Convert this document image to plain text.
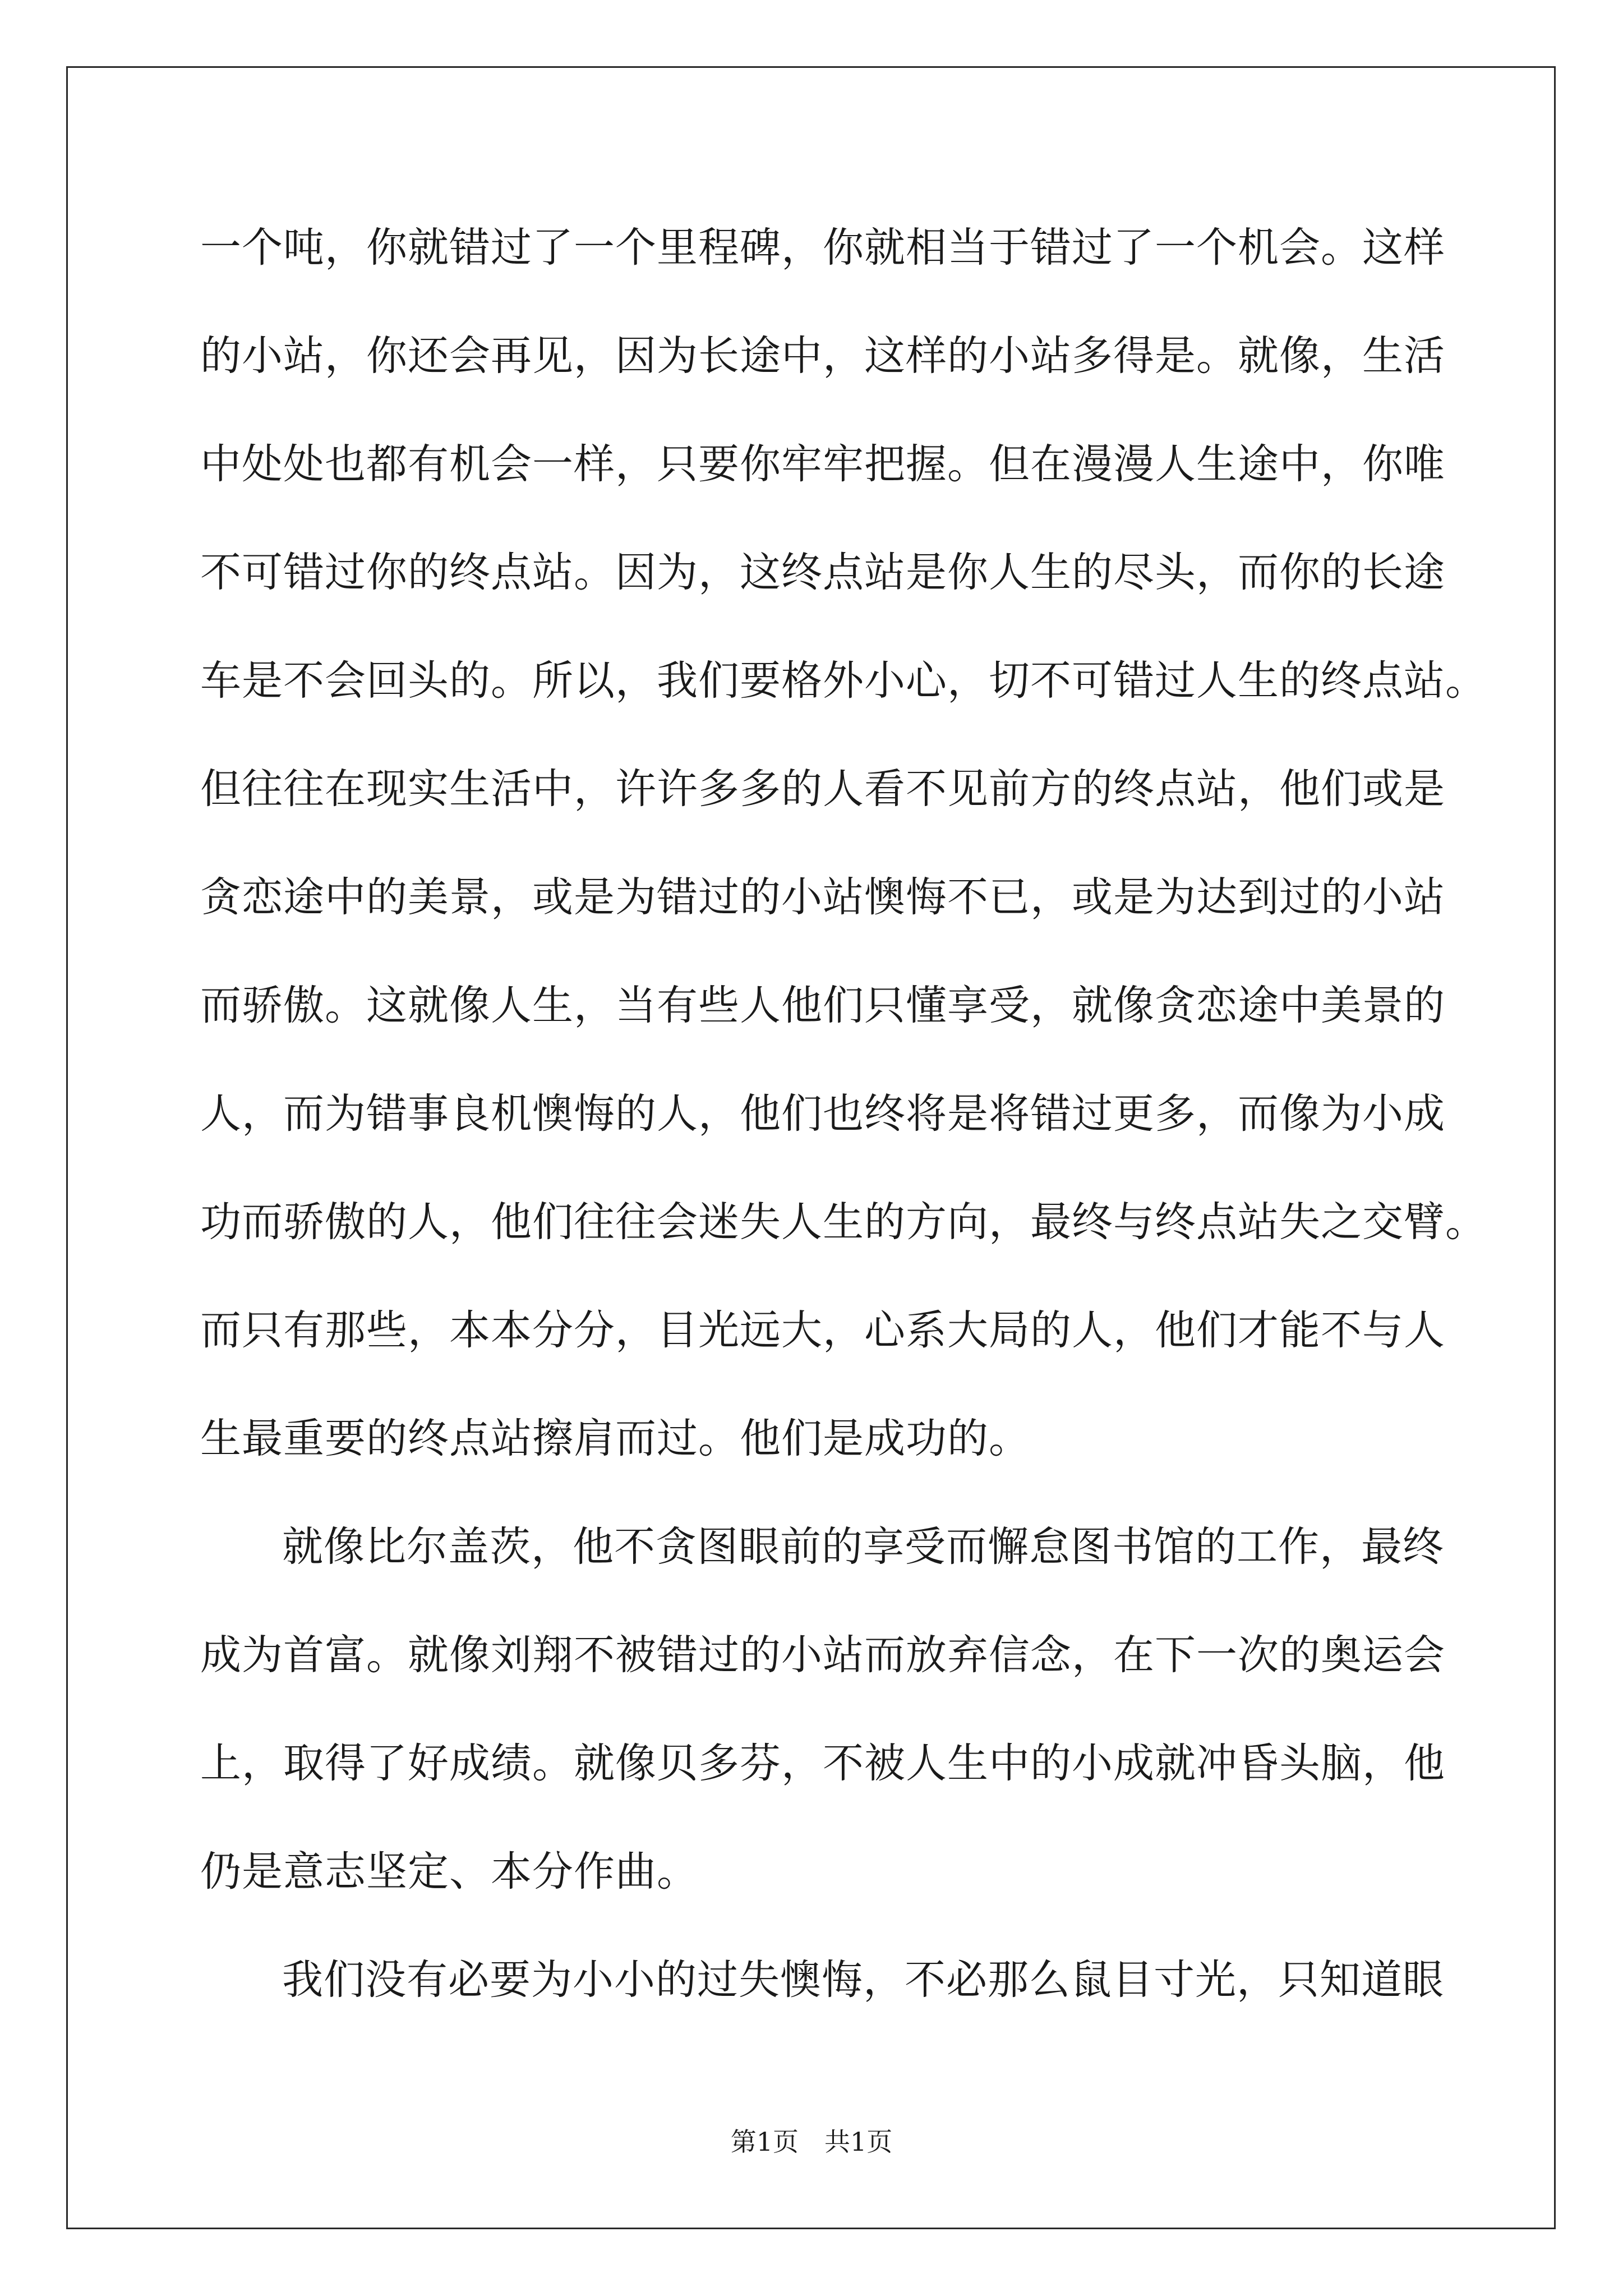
一个吨，你就错过了一个里程碑，你就相当于错过了一个机会。这样
的小站，你还会再见，因为长途中，这样的小站多得是。就像，生活
中处处也都有机会一样，只要你牢牢把握。但在漫漫人生途中，你唯
不可错过你的终点站。因为，这终点站是你人生的尽头，而你的长途
车是不会回头的。所以，我们要格外小心，切不可错过人生的终点站。
但往往在现实生活中，许许多多的人看不见前方的终点站，他们或是
贪恋途中的美景，或是为错过的小站懊悔不已，或是为达到过的小站
而骄傲。这就像人生，当有些人他们只懂享受，就像贪恋途中美景的
人，而为错事良机懊悔的人，他们也终将是将错过更多，而像为小成
功而骄傲的人，他们往往会迷失人生的方向，最终与终点站失之交臂。
而只有那些，本本分分，目光远大，心系大局的人，他们才能不与人
生最重要的终点站擦肩而过。他们是成功的。
就像比尔盖茨，他不贪图眼前的享受而懈怠图书馆的工作，最终
成为首富。就像刘翔不被错过的小站而放弃信念，在下一次的奥运会
上，取得了好成绩。就像贝多芬，不被人生中的小成就冲昏头脑，他
仍是意志坚定、本分作曲。
我们没有必要为小小的过失懊悔，不必那么鼠目寸光，只知道眼
第1页 共1页
